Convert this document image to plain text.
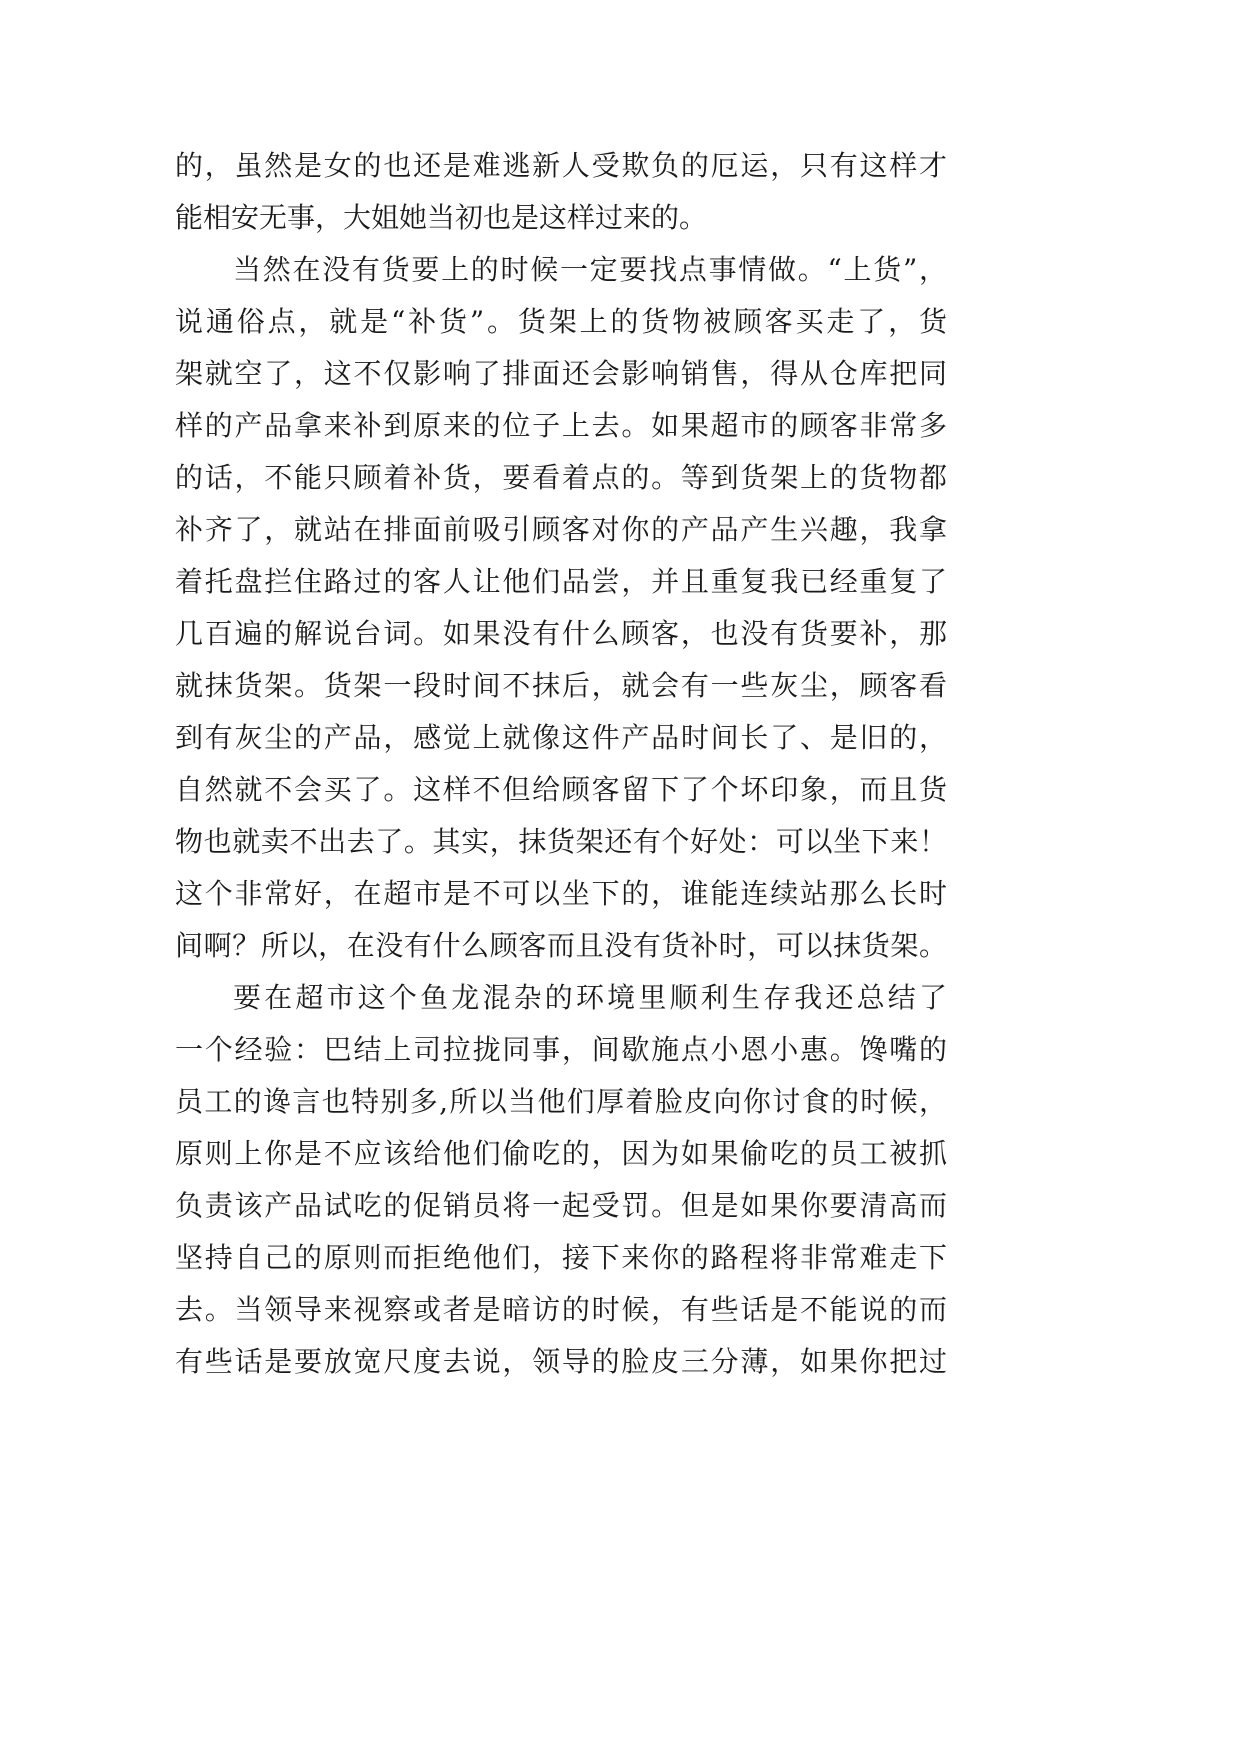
的，虽然是女的也还是难逃新人受欺负的厄运，只有这样才
能相安无事，大姐她当初也是这样过来的。
当然在没有货要上的时候一定要找点事情做。“上货”，
说通俗点，就是“补货”。货架上的货物被顾客买走了，货
架就空了，这不仅影响了排面还会影响销售，得从仓库把同
样的产品拿来补到原来的位子上去。如果超市的顾客非常多
的话，不能只顾着补货，要看着点的。等到货架上的货物都
补齐了，就站在排面前吸引顾客对你的产品产生兴趣，我拿
着托盘拦住路过的客人让他们品尝，并且重复我已经重复了
几百遍的解说台词。如果没有什么顾客，也没有货要补，那
就抹货架。货架一段时间不抹后，就会有一些灰尘，顾客看
到有灰尘的产品，感觉上就像这件产品时间长了、是旧的，
自然就不会买了。这样不但给顾客留下了个坏印象，而且货
物也就卖不出去了。其实，抹货架还有个好处：可以坐下来！
这个非常好，在超市是不可以坐下的，谁能连续站那么长时
间啊？所以，在没有什么顾客而且没有货补时，可以抹货架。
要在超市这个鱼龙混杂的环境里顺利生存我还总结了
一个经验：巴结上司拉拢同事，间歇施点小恩小惠。馋嘴的
员工的谗言也特别多,所以当他们厚着脸皮向你讨食的时候，
原则上你是不应该给他们偷吃的，因为如果偷吃的员工被抓
负责该产品试吃的促销员将一起受罚。但是如果你要清高而
坚持自己的原则而拒绝他们，接下来你的路程将非常难走下
去。当领导来视察或者是暗访的时候，有些话是不能说的而
有些话是要放宽尺度去说，领导的脸皮三分薄，如果你把过
